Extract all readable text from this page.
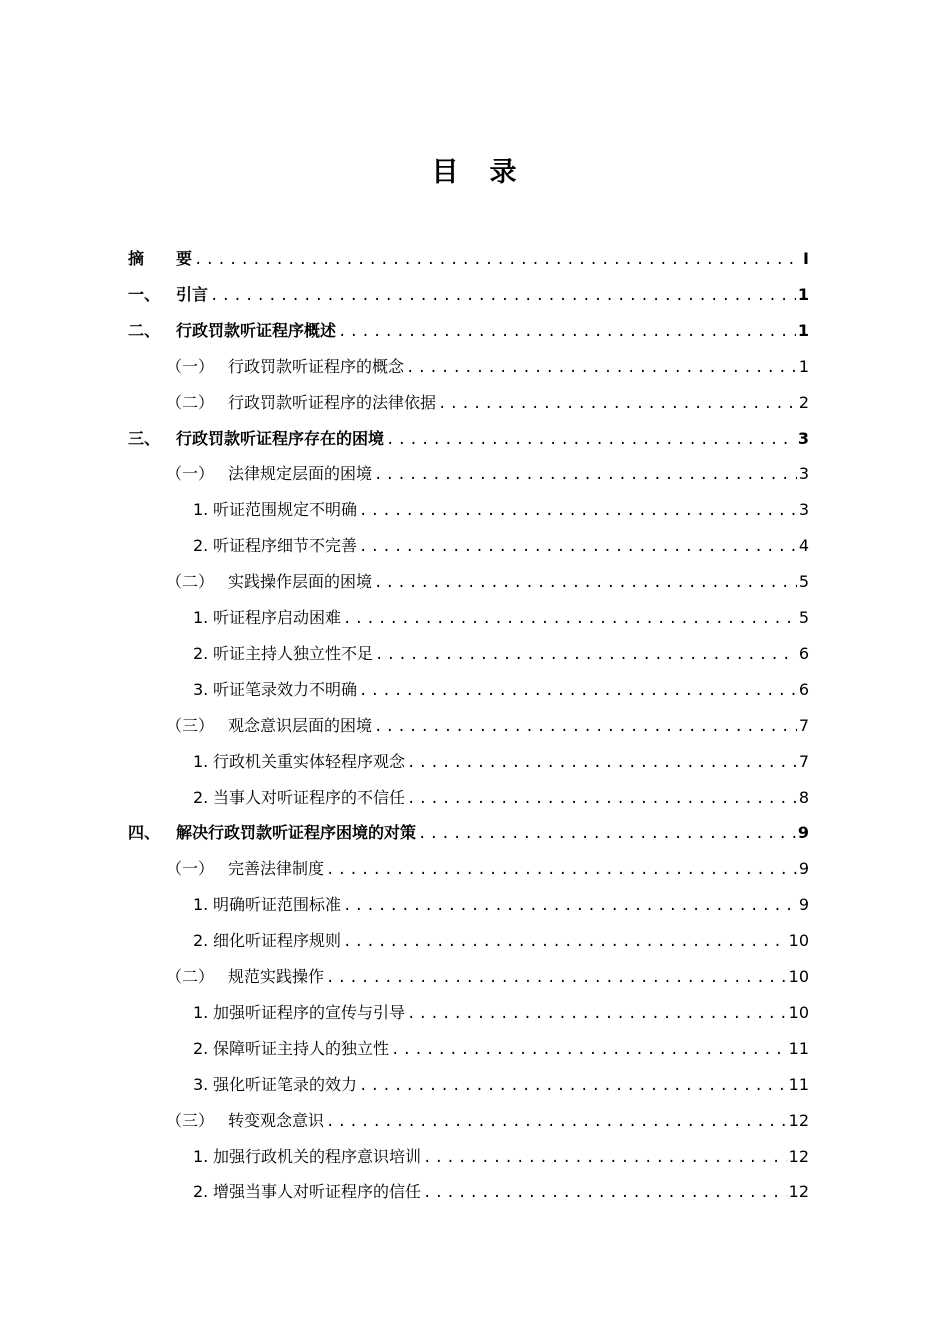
目　录
摘　 要 .....	I
一、 引言 .....	1
二、 行政罚款听证程序概述 .....	1
（一） 行政罚款听证程序的概念 .....	1
（二） 行政罚款听证程序的法律依据 .....	2
三、 行政罚款听证程序存在的困境 .....	3
（一） 法律规定层面的困境 .....	3
1. 听证范围规定不明确 .....	3
2. 听证程序细节不完善 .....	4
（二） 实践操作层面的困境 .....	5
1. 听证程序启动困难 .....	5
2. 听证主持人独立性不足 .....	6
3. 听证笔录效力不明确 .....	6
（三） 观念意识层面的困境 .....	7
1. 行政机关重实体轻程序观念 .....	7
2. 当事人对听证程序的不信任 .....	8
四、 解决行政罚款听证程序困境的对策 .....	9
（一） 完善法律制度 .....	9
1. 明确听证范围标准 .....	9
2. 细化听证程序规则 .....	10
（二） 规范实践操作 .....	10
1. 加强听证程序的宣传与引导 .....	10
2. 保障听证主持人的独立性 .....	11
3. 强化听证笔录的效力 .....	11
（三） 转变观念意识 .....	12
1. 加强行政机关的程序意识培训 .....	12
2. 增强当事人对听证程序的信任 .....	12
